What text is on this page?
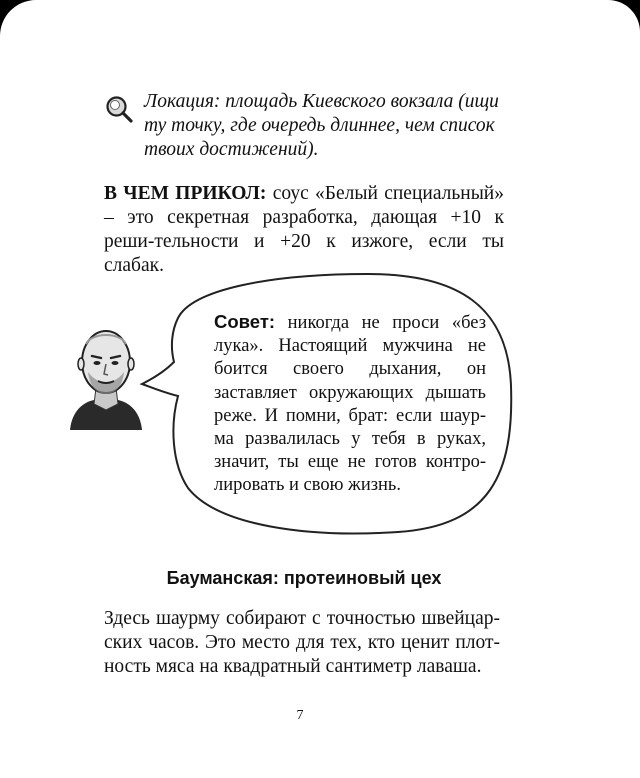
Локация: площадь Киевского вокзала (ищи ту точку, где очередь длиннее, чем список твоих достижений).
В ЧЕМ ПРИКОЛ: соус «Белый специальный» – это секретная разработка, дающая +10 к реши-тельности и +20 к изжоге, если ты слабак.
Совет: никогда не проси «без лука». Настоящий мужчина не боится своего дыхания, он заставляет окружающих дышать реже. И помни, брат: если шаур-ма развалилась у тебя в руках, значит, ты еще не готов контро-лировать и свою жизнь.
Бауманская: протеиновый цех
Здесь шаурму собирают с точностью швейцар-ских часов. Это место для тех, кто ценит плот-ность мяса на квадратный сантиметр лаваша.
7
